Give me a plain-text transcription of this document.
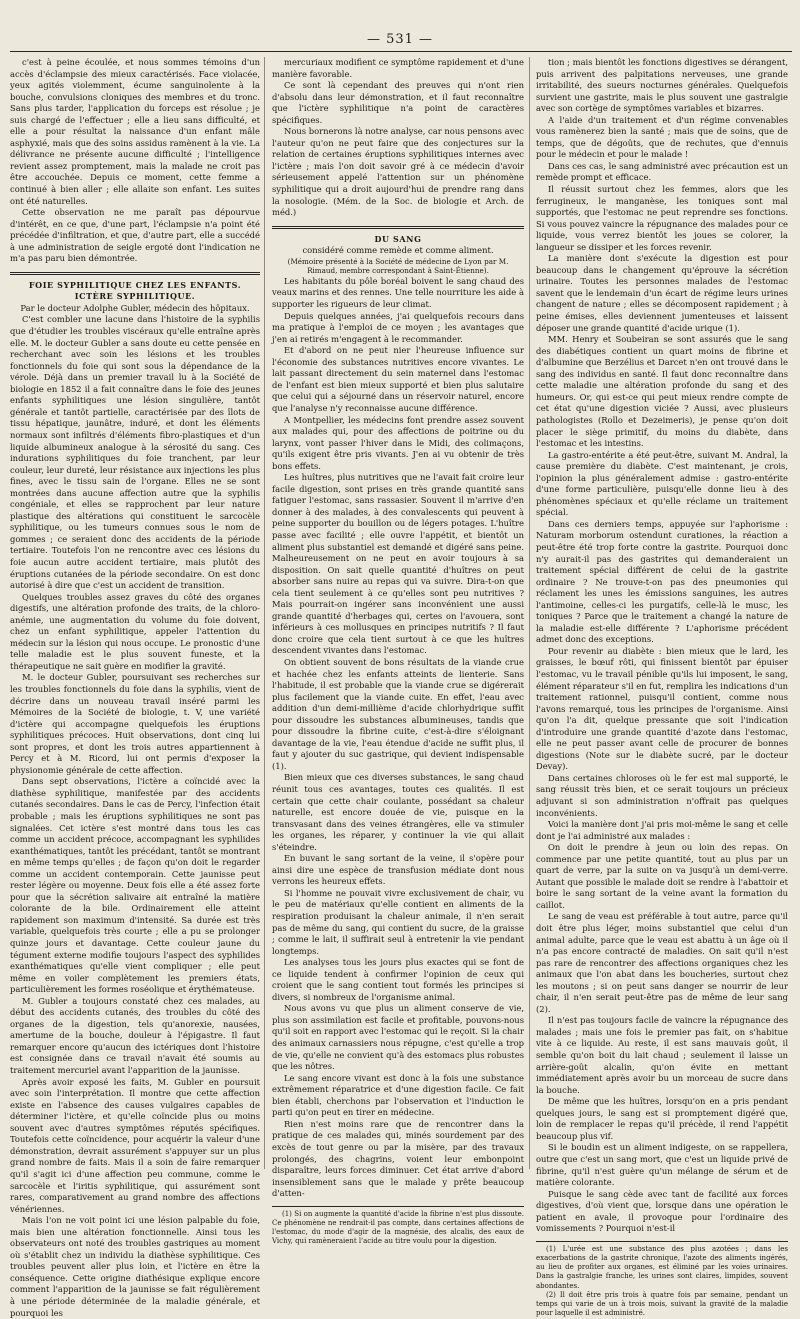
— 531 —

c'est à peine écoulée, et nous sommes témoins d'un accès d'éclampsie des mieux caractérisés. Face violacée, yeux agités violemment, écume sanguinolente à la bouche, convulsions cloniques des membres et du tronc. Sans plus tarder, l'application du forceps est résolue ; je suis chargé de l'effectuer ; elle a lieu sans difficulté, et elle a pour résultat la naissance d'un enfant mâle asphyxié, mais que des soins assidus ramènent à la vie. La délivrance ne présente aucune difficulté ; l'intelligence revient assez promptement, mais la malade ne croit pas être accouchée. Depuis ce moment, cette femme a continué à bien aller ; elle allaite son enfant. Les suites ont été naturelles.

Cette observation ne me paraît pas dépourvue d'intérêt, en ce que, d'une part, l'éclampsie n'a point été précédée d'infiltration, et que, d'autre part, elle a succédé à une administration de seigle ergoté dont l'indication ne m'a pas paru bien démontrée.

FOIE SYPHILITIQUE CHEZ LES ENFANTS. ICTÈRE SYPHILITIQUE.

Par le docteur Adolphe Gubler, médecin des hôpitaux.

C'est combler une lacune dans l'histoire de la syphilis que d'étudier les troubles viscéraux qu'elle entraîne après elle. M. le docteur Gubler a sans doute eu cette pensée en recherchant avec soin les lésions et les troubles fonctionnels du foie qui sont sous la dépendance de la vérole. Déjà dans un premier travail lu à la Société de biologie en 1852 il a fait connaître dans le foie des jeunes enfants syphilitiques une lésion singulière, tantôt générale et tantôt partielle, caractérisée par des îlots de tissu hépatique, jaunâtre, induré, et dont les éléments normaux sont infiltrés d'éléments fibro-plastiques et d'un liquide albumineux analogue à la sérosité du sang. Ces indurations syphilitiques du foie tranchent, par leur couleur, leur dureté, leur résistance aux injections les plus fines, avec le tissu sain de l'organe. Elles ne se sont montrées dans aucune affection autre que la syphilis congéniale, et elles se rapprochent par leur nature plastique des altérations qui constituent le sarcocèle syphilitique, ou les tumeurs connues sous le nom de gommes ; ce seraient donc des accidents de la période tertiaire. Toutefois l'on ne rencontre avec ces lésions du foie aucun autre accident tertiaire, mais plutôt des éruptions cutanées de la période secondaire. On est donc autorisé à dire que c'est un accident de transition.

Quelques troubles assez graves du côté des organes digestifs, une altération profonde des traits, de la chloro-anémie, une augmentation du volume du foie doivent, chez un enfant syphilitique, appeler l'attention du médecin sur la lésion qui nous occupe. Le pronostic d'une telle maladie est le plus souvent funeste, et la thérapeutique ne sait guère en modifier la gravité.

M. le docteur Gubler, poursuivant ses recherches sur les troubles fonctionnels du foie dans la syphilis, vient de décrire dans un nouveau travail inséré parmi les Mémoires de la Société de biologie, t. V, une variété d'ictère qui accompagne quelquefois les éruptions syphilitiques précoces. Huit observations, dont cinq lui sont propres, et dont les trois autres appartiennent à Percy et à M. Ricord, lui ont permis d'exposer la physionomie générale de cette affection.

Dans sept observations, l'ictère a coïncidé avec la diathèse syphilitique, manifestée par des accidents cutanés secondaires. Dans le cas de Percy, l'infection était probable ; mais les éruptions syphilitiques ne sont pas signalées. Cet ictère s'est montré dans tous les cas comme un accident précoce, accompagnant les syphilides exanthématiques, tantôt les précédant, tantôt se montrant en même temps qu'elles ; de façon qu'on doit le regarder comme un accident contemporain. Cette jaunisse peut rester légère ou moyenne. Deux fois elle a été assez forte pour que la sécrétion salivaire ait entraîné la matière colorante de la bile. Ordinairement elle atteint rapidement son maximum d'intensité. Sa durée est très variable, quelquefois très courte ; elle a pu se prolonger quinze jours et davantage. Cette couleur jaune du tégument externe modifie toujours l'aspect des syphilides exanthématiques qu'elle vient compliquer ; elle peut même en voiler complètement les premiers états, particulièrement les formes roséolique et érythémateuse.

M. Gubler a toujours constaté chez ces malades, au début des accidents cutanés, des troubles du côté des organes de la digestion, tels qu'anorexie, nausées, amertume de la bouche, douleur à l'épigastre. Il faut remarquer encore qu'aucun des ictériques dont l'histoire est consignée dans ce travail n'avait été soumis au traitement mercuriel avant l'apparition de la jaunisse.

Après avoir exposé les faits, M. Gubler en poursuit avec soin l'interprétation. Il montre que cette affection existe en l'absence des causes vulgaires capables de déterminer l'ictère, et qu'elle coïncide plus ou moins souvent avec d'autres symptômes réputés spécifiques. Toutefois cette coïncidence, pour acquérir la valeur d'une démonstration, devrait assurément s'appuyer sur un plus grand nombre de faits. Mais il a soin de faire remarquer qu'il s'agit ici d'une affection peu commune, comme le sarcocèle et l'iritis syphilitique, qui assurément sont rares, comparativement au grand nombre des affections vénériennes.

Mais l'on ne voit point ici une lésion palpable du foie, mais bien une altération fonctionnelle. Ainsi tous les observateurs ont noté des troubles gastriques au moment où s'établit chez un individu la diathèse syphilitique. Ces troubles peuvent aller plus loin, et l'ictère en être la conséquence. Cette origine diathésique explique encore comment l'apparition de la jaunisse se fait régulièrement à une période déterminée de la maladie générale, et pourquoi les

mercuriaux modifient ce symptôme rapidement et d'une manière favorable.

Ce sont là cependant des preuves qui n'ont rien d'absolu dans leur démonstration, et il faut reconnaître que l'ictère syphilitique n'a point de caractères spécifiques.

Nous bornerons là notre analyse, car nous pensons avec l'auteur qu'on ne peut faire que des conjectures sur la relation de certaines éruptions syphilitiques internes avec l'ictère ; mais l'on doit savoir gré à ce médecin d'avoir sérieusement appelé l'attention sur un phénomène syphilitique qui a droit aujourd'hui de prendre rang dans la nosologie. (Mém. de la Soc. de biologie et Arch. de méd.)

DU SANG

considéré comme remède et comme aliment.

(Mémoire présenté à la Société de médecine de Lyon par M. Rimaud, membre correspondant à Saint-Étienne).

Les habitants du pôle boréal boivent le sang chaud des veaux marins et des rennes. Une telle nourriture les aide à supporter les rigueurs de leur climat.

Depuis quelques années, j'ai quelquefois recours dans ma pratique à l'emploi de ce moyen ; les avantages que j'en ai retirés m'engagent à le recommander.

Et d'abord on ne peut nier l'heureuse influence sur l'économie des substances nutritives encore vivantes. Le lait passant directement du sein maternel dans l'estomac de l'enfant est bien mieux supporté et bien plus salutaire que celui qui a séjourné dans un réservoir naturel, encore que l'analyse n'y reconnaisse aucune différence.

A Montpellier, les médecins font prendre assez souvent aux malades qui, pour des affections de poitrine ou du larynx, vont passer l'hiver dans le Midi, des colimaçons, qu'ils exigent être pris vivants. J'en ai vu obtenir de très bons effets.

Les huîtres, plus nutritives que ne l'avait fait croire leur facile digestion, sont prises en très grande quantité sans fatiguer l'estomac, sans rassasier. Souvent il m'arrive d'en donner à des malades, à des convalescents qui peuvent à peine supporter du bouillon ou de légers potages. L'huître passe avec facilité ; elle ouvre l'appétit, et bientôt un aliment plus substantiel est demandé et digéré sans peine. Malheureusement on ne peut en avoir toujours à sa disposition. On sait quelle quantité d'huîtres on peut absorber sans nuire au repas qui va suivre. Dira-t-on que cela tient seulement à ce qu'elles sont peu nutritives ? Mais pourrait-on ingérer sans inconvénient une aussi grande quantité d'herbages qui, certes on l'avouera, sont inférieurs à ces mollusques en principes nutritifs ? Il faut donc croire que cela tient surtout à ce que les huîtres descendent vivantes dans l'estomac.

On obtient souvent de bons résultats de la viande crue et hachée chez les enfants atteints de lienterie. Sans l'habitude, il est probable que la viande crue se digérerait plus facilement que la viande cuite. En effet, l'eau avec addition d'un demi-millième d'acide chlorhydrique suffit pour dissoudre les substances albumineuses, tandis que pour dissoudre la fibrine cuite, c'est-à-dire s'éloignant davantage de la vie, l'eau étendue d'acide ne suffit plus, il faut y ajouter du suc gastrique, qui devient indispensable (1).

Bien mieux que ces diverses substances, le sang chaud réunit tous ces avantages, toutes ces qualités. Il est certain que cette chair coulante, possédant sa chaleur naturelle, est encore douée de vie, puisque en la transvasant dans des veines étrangères, elle va stimuler les organes, les réparer, y continuer la vie qui allait s'éteindre.

En buvant le sang sortant de la veine, il s'opère pour ainsi dire une espèce de transfusion médiate dont nous verrons les heureux effets.

Si l'homme ne pouvait vivre exclusivement de chair, vu le peu de matériaux qu'elle contient en aliments de la respiration produisant la chaleur animale, il n'en serait pas de même du sang, qui contient du sucre, de la graisse ; comme le lait, il suffirait seul à entretenir la vie pendant longtemps.

Les analyses tous les jours plus exactes qui se font de ce liquide tendent à confirmer l'opinion de ceux qui croient que le sang contient tout formés les principes si divers, si nombreux de l'organisme animal.

Nous avons vu que plus un aliment conserve de vie, plus son assimilation est facile et profitable, pouvons-nous qu'il soit en rapport avec l'estomac qui le reçoit. Si la chair des animaux carnassiers nous répugne, c'est qu'elle a trop de vie, qu'elle ne convient qu'à des estomacs plus robustes que les nôtres.

Le sang encore vivant est donc à la fois une substance extrêmement réparatrice et d'une digestion facile. Ce fait bien établi, cherchons par l'observation et l'induction le parti qu'on peut en tirer en médecine.

Rien n'est moins rare que de rencontrer dans la pratique de ces malades qui, minés sourdement par des excès de tout genre ou par la misère, par des travaux prolongés, des chagrins, voient leur embonpoint disparaître, leurs forces diminuer. Cet état arrive d'abord insensiblement sans que le malade y prête beaucoup d'atten-

(1) Si on augmente la quantité d'acide la fibrine n'est plus dissoute. Ce phénomène ne rendrait-il pas compte, dans certaines affections de l'estomac, du mode d'agir de la magnésie, des alcalis, des eaux de Vichy, qui ramèneraient l'acide au titre voulu pour la digestion.

tion ; mais bientôt les fonctions digestives se dérangent, puis arrivent des palpitations nerveuses, une grande irritabilité, des sueurs nocturnes générales. Quelquefois survient une gastrite, mais le plus souvent une gastralgie avec son cortège de symptômes variables et bizarres.

A l'aide d'un traitement et d'un régime convenables vous ramènerez bien la santé ; mais que de soins, que de temps, que de dégoûts, que de rechutes, que d'ennuis pour le médecin et pour le malade !

Dans ces cas, le sang administré avec précaution est un remède prompt et efficace.

Il réussit surtout chez les femmes, alors que les ferrugineux, le manganèse, les toniques sont mal supportés, que l'estomac ne peut reprendre ses fonctions. Si vous pouvez vaincre la répugnance des malades pour ce liquide, vous verrez bientôt les joues se colorer, la langueur se dissiper et les forces revenir.

La manière dont s'exécute la digestion est pour beaucoup dans le changement qu'éprouve la sécrétion urinaire. Toutes les personnes malades de l'estomac savent que le lendemain d'un écart de régime leurs urines changent de nature ; elles se décomposent rapidement ; à peine émises, elles deviennent jumenteuses et laissent déposer une grande quantité d'acide urique (1).

MM. Henry et Soubeiran se sont assurés que le sang des diabétiques contient un quart moins de fibrine et d'albumine que Berzélius et Darcet n'en ont trouvé dans le sang des individus en santé. Il faut donc reconnaître dans cette maladie une altération profonde du sang et des humeurs. Or, qui est-ce qui peut mieux rendre compte de cet état qu'une digestion viciée ? Aussi, avec plusieurs pathologistes (Rollo et Dezeimeris), je pense qu'on doit placer le siège primitif, du moins du diabète, dans l'estomac et les intestins.

La gastro-entérite a été peut-être, suivant M. Andral, la cause première du diabète. C'est maintenant, je crois, l'opinion la plus généralement admise : gastro-entérite d'une forme particulière, puisqu'elle donne lieu à des phénomènes spéciaux et qu'elle réclame un traitement spécial.

Dans ces derniers temps, appuyée sur l'aphorisme : Naturam morborum ostendunt curationes, la réaction a peut-être été trop forte contre la gastrite. Pourquoi donc n'y aurait-il pas des gastrites qui demanderaient un traitement spécial différent de celui de la gastrite ordinaire ? Ne trouve-t-on pas des pneumonies qui réclament les unes les émissions sanguines, les autres l'antimoine, celles-ci les purgatifs, celle-là le musc, les toniques ? Parce que le traitement a changé la nature de la maladie est-elle différente ? L'aphorisme précédent admet donc des exceptions.

Pour revenir au diabète : bien mieux que le lard, les graisses, le bœuf rôti, qui finissent bientôt par épuiser l'estomac, vu le travail pénible qu'ils lui imposent, le sang, élément réparateur s'il en fut, remplira les indications d'un traitement rationnel, puisqu'il contient, comme nous l'avons remarqué, tous les principes de l'organisme. Ainsi qu'on l'a dit, quelque pressante que soit l'indication d'introduire une grande quantité d'azote dans l'estomac, elle ne peut passer avant celle de procurer de bonnes digestions (Note sur le diabète sucré, par le docteur Devay).

Dans certaines chloroses où le fer est mal supporté, le sang réussit très bien, et ce serait toujours un précieux adjuvant si son administration n'offrait pas quelques inconvénients.

Voici la manière dont j'ai pris moi-même le sang et celle dont je l'ai administré aux malades :

On doit le prendre à jeun ou loin des repas. On commence par une petite quantité, tout au plus par un quart de verre, par la suite on va jusqu'à un demi-verre. Autant que possible le malade doit se rendre à l'abattoir et boire le sang sortant de la veine avant la formation du caillot.

Le sang de veau est préférable à tout autre, parce qu'il doit être plus léger, moins substantiel que celui d'un animal adulte, parce que le veau est abattu à un âge où il n'a pas encore contracté de maladies. On sait qu'il n'est pas rare de rencontrer des affections organiques chez les animaux que l'on abat dans les boucheries, surtout chez les moutons ; si on peut sans danger se nourrir de leur chair, il n'en serait peut-être pas de même de leur sang (2).

Il n'est pas toujours facile de vaincre la répugnance des malades ; mais une fois le premier pas fait, on s'habitue vite à ce liquide. Au reste, il est sans mauvais goût, il semble qu'on boit du lait chaud ; seulement il laisse un arrière-goût alcalin, qu'on évite en mettant immédiatement après avoir bu un morceau de sucre dans la bouche.

De même que les huîtres, lorsqu'on en a pris pendant quelques jours, le sang est si promptement digéré que, loin de remplacer le repas qu'il précède, il rend l'appétit beaucoup plus vif.

Si le boudin est un aliment indigeste, on se rappellera, outre que c'est un sang mort, que c'est un liquide privé de fibrine, qu'il n'est guère qu'un mélange de sérum et de matière colorante.

Puisque le sang cède avec tant de facilité aux forces digestives, d'où vient que, lorsque dans une opération le patient en avale, il provoque pour l'ordinaire des vomissements ? Pourquoi n'est-il

(1) L'urée est une substance des plus azotées ; dans les exacerbations de la gastrite chronique, l'azote des aliments ingérés, au lieu de profiter aux organes, est éliminé par les voies urinaires. Dans la gastralgie franche, les urines sont claires, limpides, souvent abondantes.

(2) Il doit être pris trois à quatre fois par semaine, pendant un temps qui varie de un à trois mois, suivant la gravité de la maladie pour laquelle il est administré.
